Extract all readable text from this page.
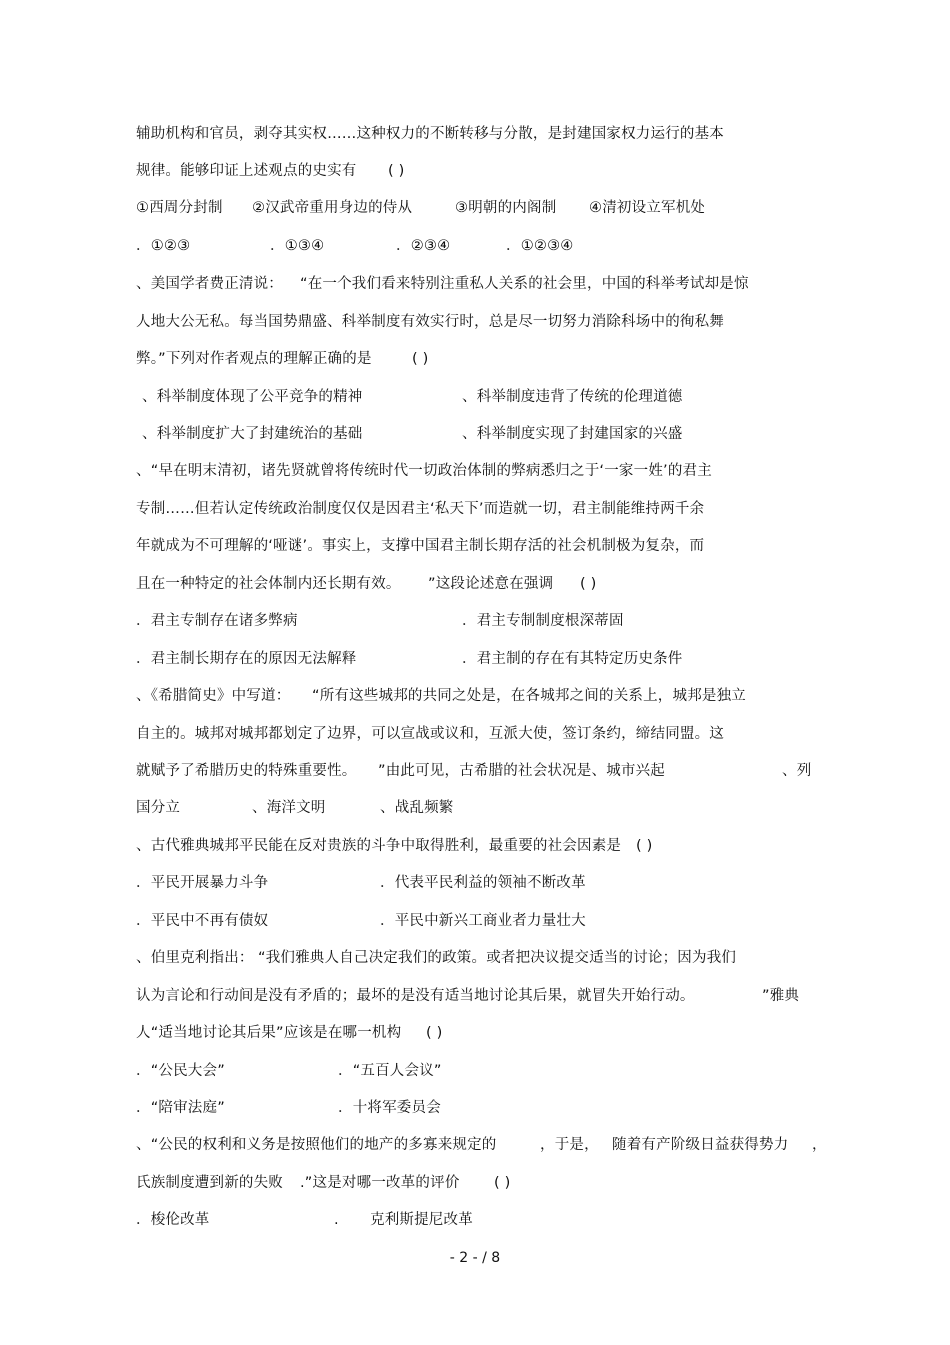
辅助机构和官员，剥夺其实权……这种权力的不断转移与分散，是封建国家权力运行的基本
规律。能够印证上述观点的史实有 ( )
①西周分封制 ②汉武帝重用身边的侍从	③明朝的内阁制 ④清初设立军机处
．①②③	．①③④	．②③④	．①②③④
、美国学者费正清说： “在一个我们看来特别注重私人关系的社会里，中国的科举考试却是惊
人地大公无私。每当国势鼎盛、科举制度有效实行时，总是尽一切努力消除科场中的徇私舞
弊。”下列对作者观点的理解正确的是	( )
、科举制度体现了公平竞争的精神	、科举制度违背了传统的伦理道德
、科举制度扩大了封建统治的基础	、科举制度实现了封建国家的兴盛
、“早在明末清初，诸先贤就曾将传统时代一切政治体制的弊病悉归之于‘一家一姓’的君主
专制……但若认定传统政治制度仅仅是因君主‘私天下’而造就一切，君主制能维持两千余
年就成为不可理解的‘哑谜’。事实上，支撑中国君主制长期存活的社会机制极为复杂，而
且在一种特定的社会体制内还长期有效。 ”这段论述意在强调 ( )
．君主专制存在诸多弊病	．君主专制制度根深蒂固
．君主制长期存在的原因无法解释	．君主制的存在有其特定历史条件
、《希腊简史》中写道： “所有这些城邦的共同之处是，在各城邦之间的关系上，城邦是独立
自主的。城邦对城邦都划定了边界，可以宣战或议和，互派大使，签订条约，缔结同盟。这
就赋予了希腊历史的特殊重要性。 ”由此可见，古希腊的社会状况是、城市兴起	、列
国分立	、海洋文明	、战乱频繁
、古代雅典城邦平民能在反对贵族的斗争中取得胜利，最重要的社会因素是 ( )
．平民开展暴力斗争	．代表平民利益的领袖不断改革
．平民中不再有债奴	．平民中新兴工商业者力量壮大
、伯里克利指出： “我们雅典人自己决定我们的政策。或者把决议提交适当的讨论；因为我们
认为言论和行动间是没有矛盾的；最坏的是没有适当地讨论其后果，就冒失开始行动。	”雅典
人“适当地讨论其后果”应该是在哪一机构 ( )
．“公民大会”	．“五百人会议”
．“陪审法庭”	．十将军委员会
、“公民的权利和义务是按照他们的地产的多寡来规定的	，于是， 随着有产阶级日益获得势力 ，
氏族制度遭到新的失败 .”这是对哪一改革的评价 ( )
．梭伦改革	. 克利斯提尼改革
- 2 - / 8
